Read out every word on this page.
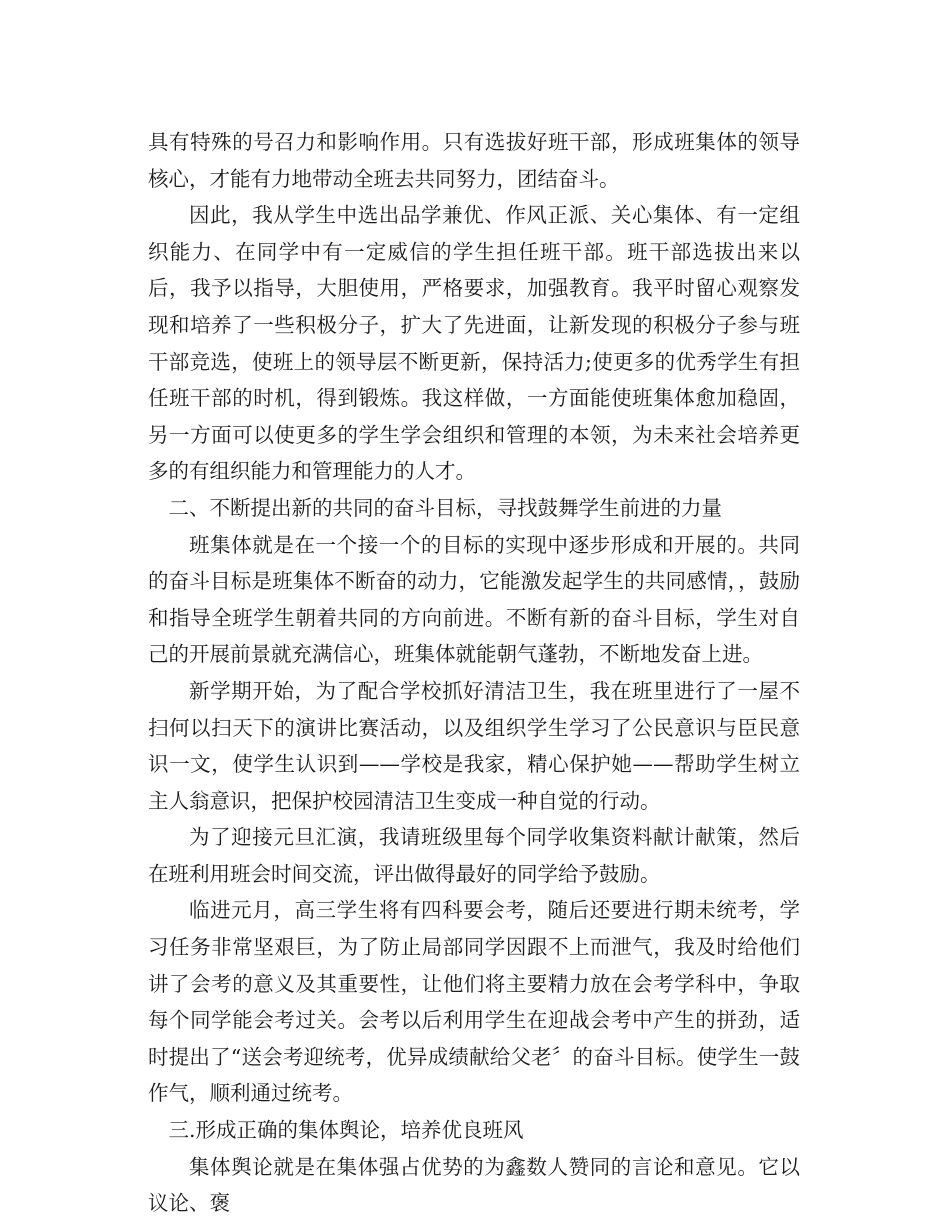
具有特殊的号召力和影响作用。只有选拔好班干部，形成班集体的领导核心，才能有力地带动全班去共同努力，团结奋斗。

因此，我从学生中选出品学兼优、作风正派、关心集体、有一定组织能力、在同学中有一定威信的学生担任班干部。班干部选拔出来以后，我予以指导，大胆使用，严格要求，加强教育。我平时留心观察发现和培养了一些积极分子，扩大了先进面，让新发现的积极分子参与班干部竞选，使班上的领导层不断更新，保持活力;使更多的优秀学生有担任班干部的时机，得到锻炼。我这样做，一方面能使班集体愈加稳固，另一方面可以使更多的学生学会组织和管理的本领，为未来社会培养更多的有组织能力和管理能力的人才。

二、不断提出新的共同的奋斗目标，寻找鼓舞学生前进的力量

班集体就是在一个接一个的目标的实现中逐步形成和开展的。共同的奋斗目标是班集体不断奋的动力，它能激发起学生的共同感情，，鼓励和指导全班学生朝着共同的方向前进。不断有新的奋斗目标，学生对自己的开展前景就充满信心，班集体就能朝气蓬勃，不断地发奋上进。

新学期开始，为了配合学校抓好清洁卫生，我在班里进行了一屋不扫何以扫天下的演讲比赛活动，以及组织学生学习了公民意识与臣民意识一文，使学生认识到——学校是我家，精心保护她——帮助学生树立主人翁意识，把保护校园清洁卫生变成一种自觉的行动。

为了迎接元旦汇演，我请班级里每个同学收集资料献计献策，然后在班利用班会时间交流，评出做得最好的同学给予鼓励。

临进元月，高三学生将有四科要会考，随后还要进行期未统考，学习任务非常坚艰巨，为了防止局部同学因跟不上而泄气，我及时给他们讲了会考的意义及其重要性，让他们将主要精力放在会考学科中，争取每个同学能会考过关。会考以后利用学生在迎战会考中产生的拼劲，适时提出了“送会考迎统考，优异成绩献给父老〞的奋斗目标。使学生一鼓作气，顺利通过统考。

三.形成正确的集体舆论，培养优良班风

集体舆论就是在集体强占优势的为鑫数人赞同的言论和意见。它以议论、褒
